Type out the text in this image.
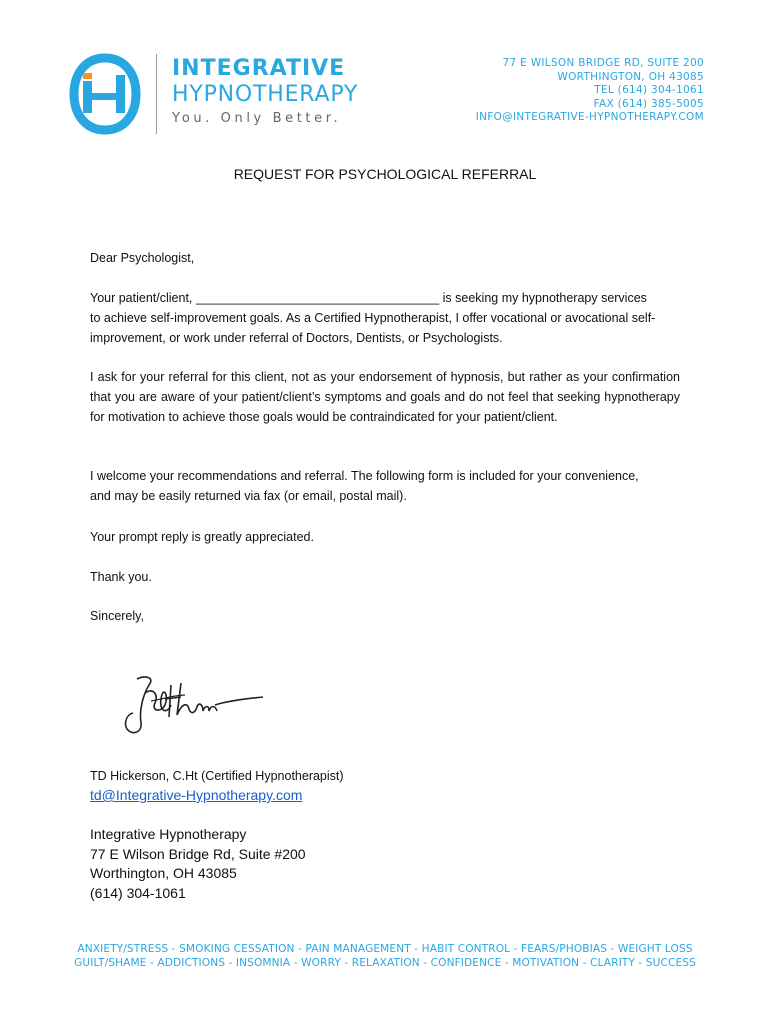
INTEGRATIVE
HYPNOTHERAPY
You. Only Better.
77 E WILSON BRIDGE RD, SUITE 200
WORTHINGTON, OH 43085
TEL (614) 304-1061
FAX (614) 385-5005
INFO@INTEGRATIVE-HYPNOTHERAPY.COM
REQUEST FOR PSYCHOLOGICAL REFERRAL
Dear Psychologist,
Your patient/client, ___________________________________ is seeking my hypnotherapy services
to achieve self-improvement goals. As a Certified Hypnotherapist, I offer vocational or avocational self-
improvement, or work under referral of Doctors, Dentists, or Psychologists.
I ask for your referral for this client, not as your endorsement of hypnosis, but rather as your confirmation that you are aware of your patient/client’s symptoms and goals and do not feel that seeking hypnotherapy for motivation to achieve those goals would be contraindicated for your patient/client.
I welcome your recommendations and referral. The following form is included for your convenience,
and may be easily returned via fax (or email, postal mail).
Your prompt reply is greatly appreciated.
Thank you.
Sincerely,
TD Hickerson, C.Ht (Certified Hypnotherapist)
td@Integrative-Hypnotherapy.com
Integrative Hypnotherapy
77 E Wilson Bridge Rd, Suite #200
Worthington, OH 43085
(614) 304-1061
ANXIETY/STRESS - SMOKING CESSATION - PAIN MANAGEMENT - HABIT CONTROL - FEARS/PHOBIAS - WEIGHT LOSS
GUILT/SHAME - ADDICTIONS - INSOMNIA - WORRY - RELAXATION - CONFIDENCE - MOTIVATION - CLARITY - SUCCESS
